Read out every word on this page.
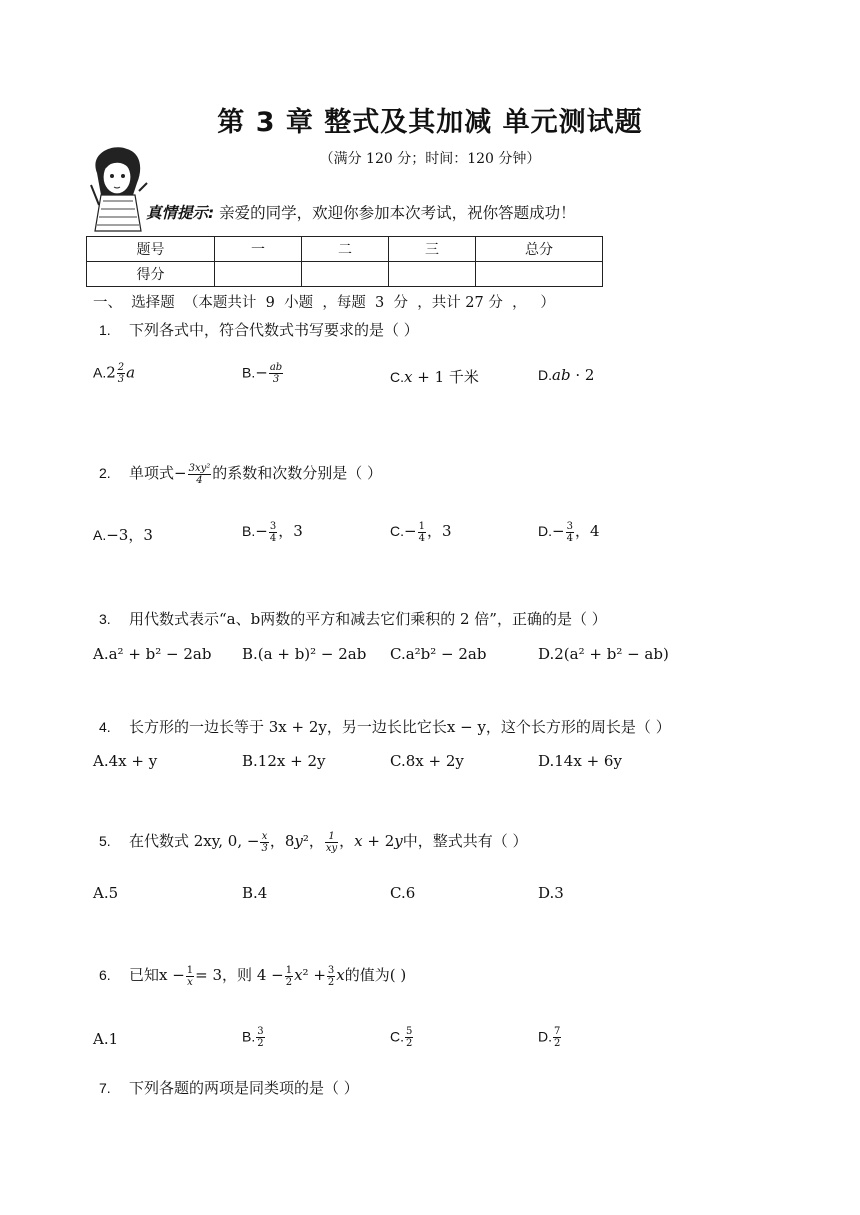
第 3 章 整式及其加减 单元测试题
（满分 120 分；时间：120 分钟）
真情提示: 亲爱的同学，欢迎你参加本次考试，祝你答题成功！
题号	一	二	三	总分
得分				
一、  选择题  （本题共计  9  小题  ，每题  3  分  ，共计 27 分  ，   ）
1. 下列各式中，符合代数式书写要求的是（ ）
$A.2 \frac{2}{3}$ a	$B.- \frac{ab}{3}$	C.x + 1 千米	D.ab · 2
2. 单项式− $\frac{\text{3xy²}}{4}$ 的系数和次数分别是（ ）
A.−3，3	$B.- \frac{3}{4}$ ，3	$C.- \frac{1}{4}$ ，3	$D.- \frac{3}{4}$ ，4
3. 用代数式表示“a、b两数的平方和减去它们乘积的 2 倍”，正确的是（ ）
A.a² + b² − 2ab B.(a + b)² − 2ab C.a²b² − 2ab	D.2(a² + b² − ab)
4. 长方形的一边长等于 3x + 2y，另一边长比它长x − y，这个长方形的周长是（ ）
A.4x + y	B.12x + 2y	C.8x + 2y	D.14x + 6y
5. 在代数式 2xy, 0, − $\frac{x}{3}$ ，8y²， $\frac{1}{xy}$ ，x + 2y中，整式共有（ ）
A.5	B.4	C.6	D.3
6. 已知$x - \frac{1}{x} = 3$，则 $4 - \frac{1}{2} x^2 + \frac{3}{2}$ x的值为( )
A.1	B. $\frac{3}{2}$	C. $\frac{5}{2}$	D. $\frac{7}{2}$
7. 下列各题的两项是同类项的是（ ）
